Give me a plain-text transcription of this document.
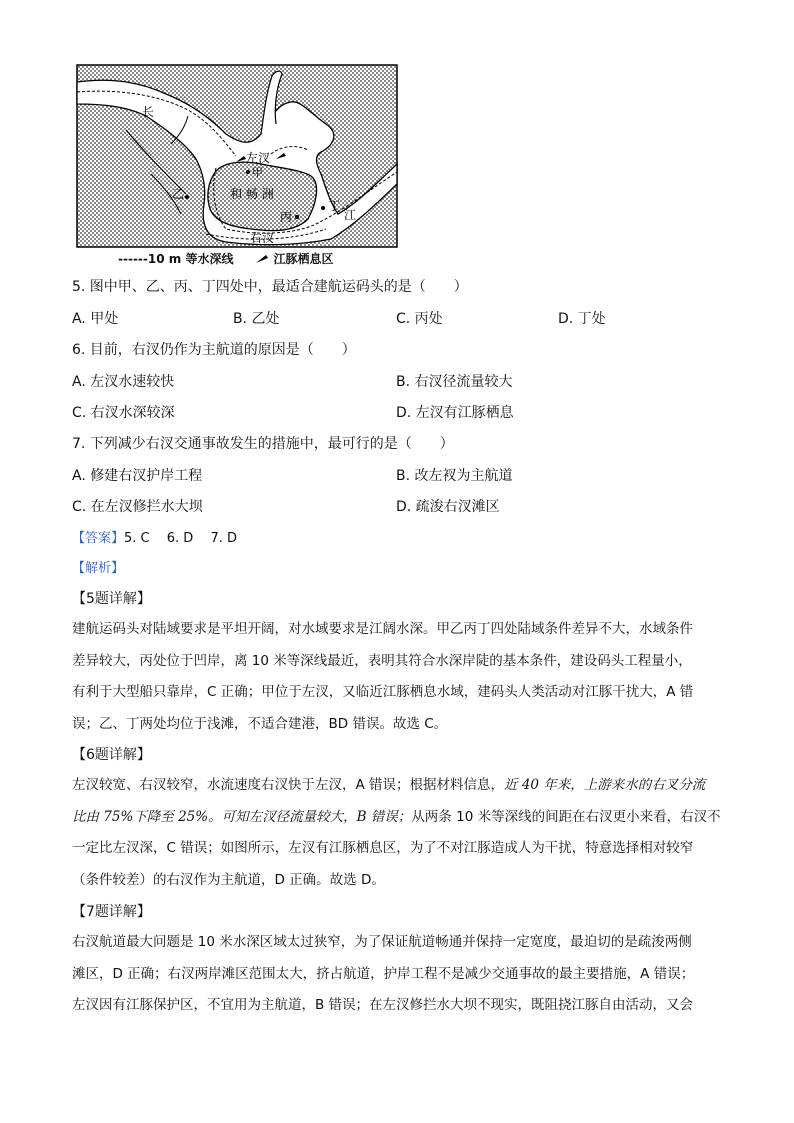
长
江
左汊
甲
乙
丙
丁
和 畅 洲
右汊
------10 m 等水深线	江豚栖息区
5. 图中甲、乙、丙、丁四处中，最适合建航运码头的是（　　）
A. 甲处	B. 乙处	C. 丙处	D. 丁处
6. 目前，右汊仍作为主航道的原因是（　　）
A. 左汊水速较快	B. 右汊径流量较大
C. 右汊水深较深	D. 左汊有江豚栖息
7. 下列减少右汊交通事故发生的措施中，最可行的是（　　）
A. 修建右汊护岸工程	B. 改左衩为主航道
C. 在左汊修拦水大坝	D. 疏浚右汊滩区
【答案】5. C　 6. D　 7. D
【解析】
【5题详解】

建航运码头对陆域要求是平坦开阔，对水域要求是江阔水深。甲乙丙丁四处陆域条件差异不大，水域条件

差异较大，丙处位于凹岸，离 10 米等深线最近，表明其符合水深岸陡的基本条件，建设码头工程量小，

有利于大型船只靠岸，C 正确；甲位于左汊，又临近江豚栖息水域，建码头人类活动对江豚干扰大，A 错

误；乙、丁两处均位于浅滩，不适合建港，BD 错误。故选 C。

【6题详解】

左汊较宽、右汊较窄，水流速度右汊快于左汊，A 错误；根据材料信息，近 40 年来，上游来水的右叉分流

比由 75%下降至 25%。可知左汊径流量较大，B 错误；从两条 10 米等深线的间距在右汊更小来看，右汊不

一定比左汊深，C 错误；如图所示，左汊有江豚栖息区，为了不对江豚造成人为干扰，特意选择相对较窄

（条件较差）的右汊作为主航道，D 正确。故选 D。

【7题详解】

右汊航道最大问题是 10 米水深区域太过狭窄，为了保证航道畅通并保持一定宽度，最迫切的是疏浚两侧

滩区，D 正确；右汊两岸滩区范围太大，挤占航道，护岸工程不是减少交通事故的最主要措施，A 错误；

左汊因有江豚保护区，不宜用为主航道，B 错误；在左汊修拦水大坝不现实，既阻挠江豚自由活动，又会
